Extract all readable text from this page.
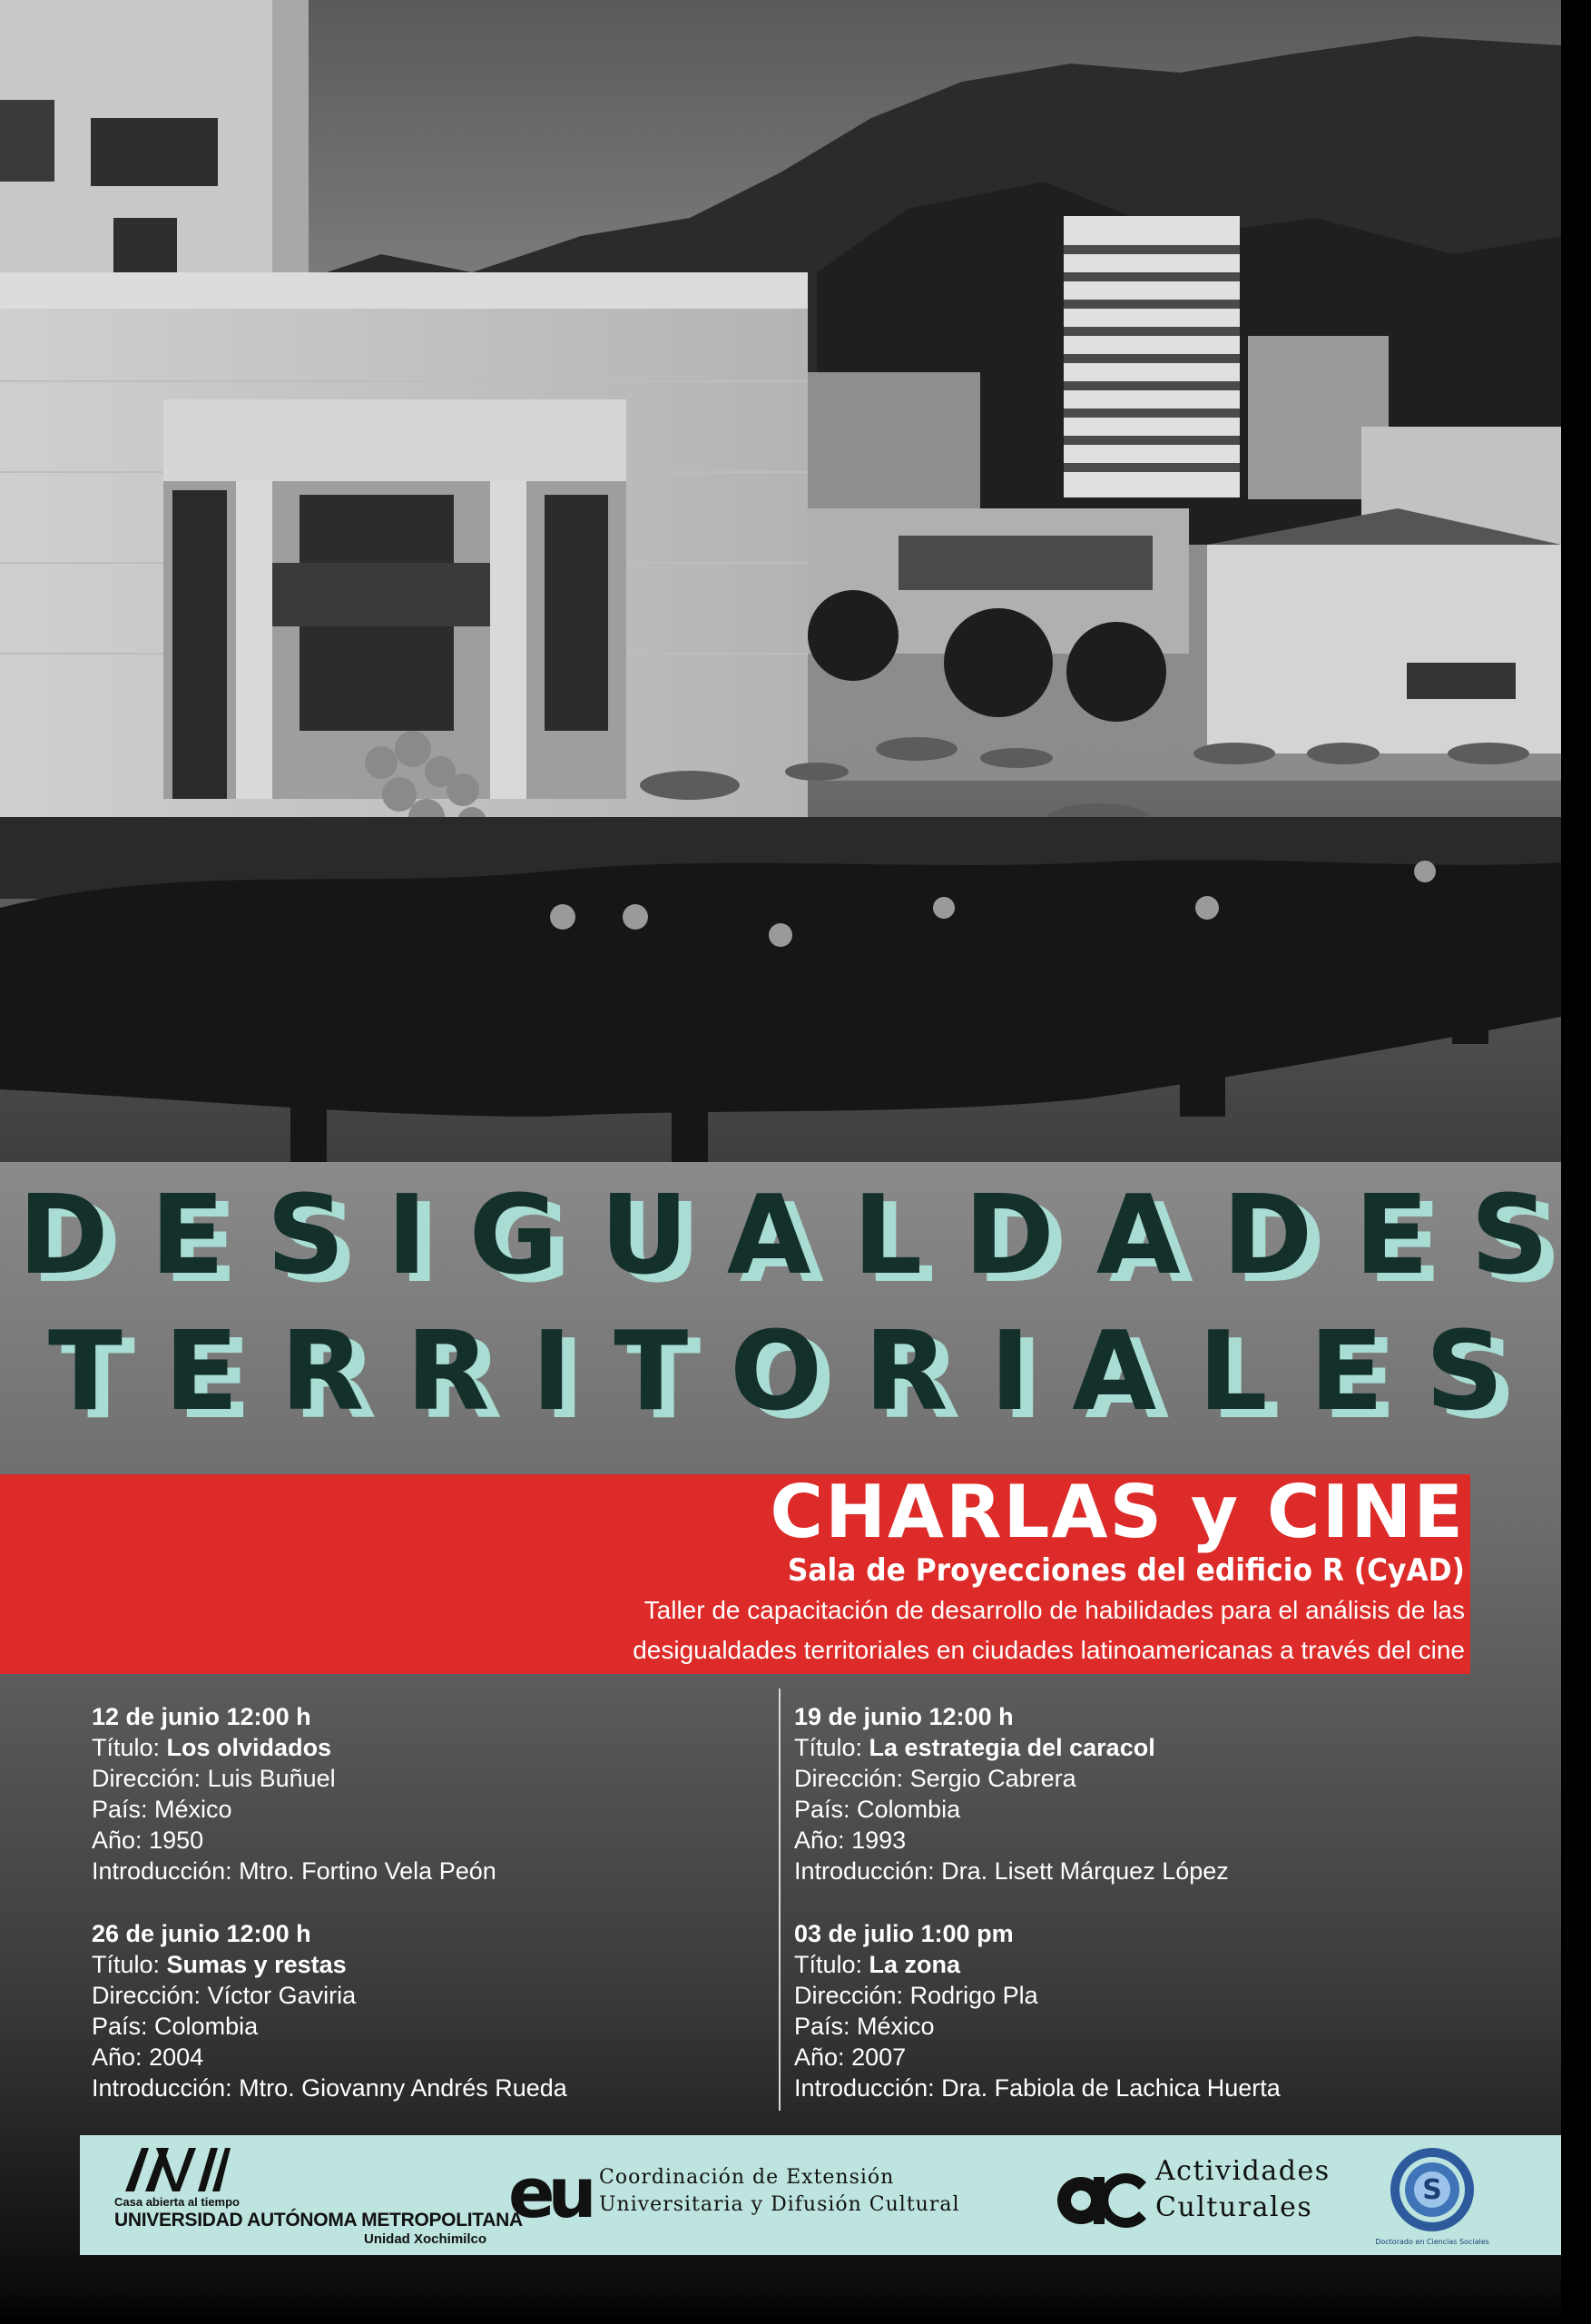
DESIGUALDADES
TERRITORIALES
CHARLAS y CINE
Sala de Proyecciones del edificio R (CyAD)

Taller de capacitación de desarrollo de habilidades para el análisis de las desigualdades territoriales en ciudades latinoamericanas a través del cine

12 de junio 12:00 h
Título: Los olvidados
Dirección: Luis Buñuel
País: México
Año: 1950
Introducción: Mtro. Fortino Vela Peón
19 de junio 12:00 h
Título: La estrategia del caracol
Dirección: Sergio Cabrera
País: Colombia
Año: 1993
Introducción: Dra. Lisett Márquez López
26 de junio 12:00 h
Título: Sumas y restas
Dirección: Víctor Gaviria
País: Colombia
Año: 2004
Introducción: Mtro. Giovanny Andrés Rueda
03 de julio 1:00 pm
Título: La zona
Dirección: Rodrigo Pla
País: México
Año: 2007
Introducción: Dra. Fabiola de Lachica Huerta
Casa abierta al tiempo
UNIVERSIDAD AUTÓNOMA METROPOLITANA
Unidad Xochimilco
eu Coordinación de Extensión
Universitaria y Difusión Cultural
Actividades
Culturales
S
Doctorado en Ciencias Sociales
